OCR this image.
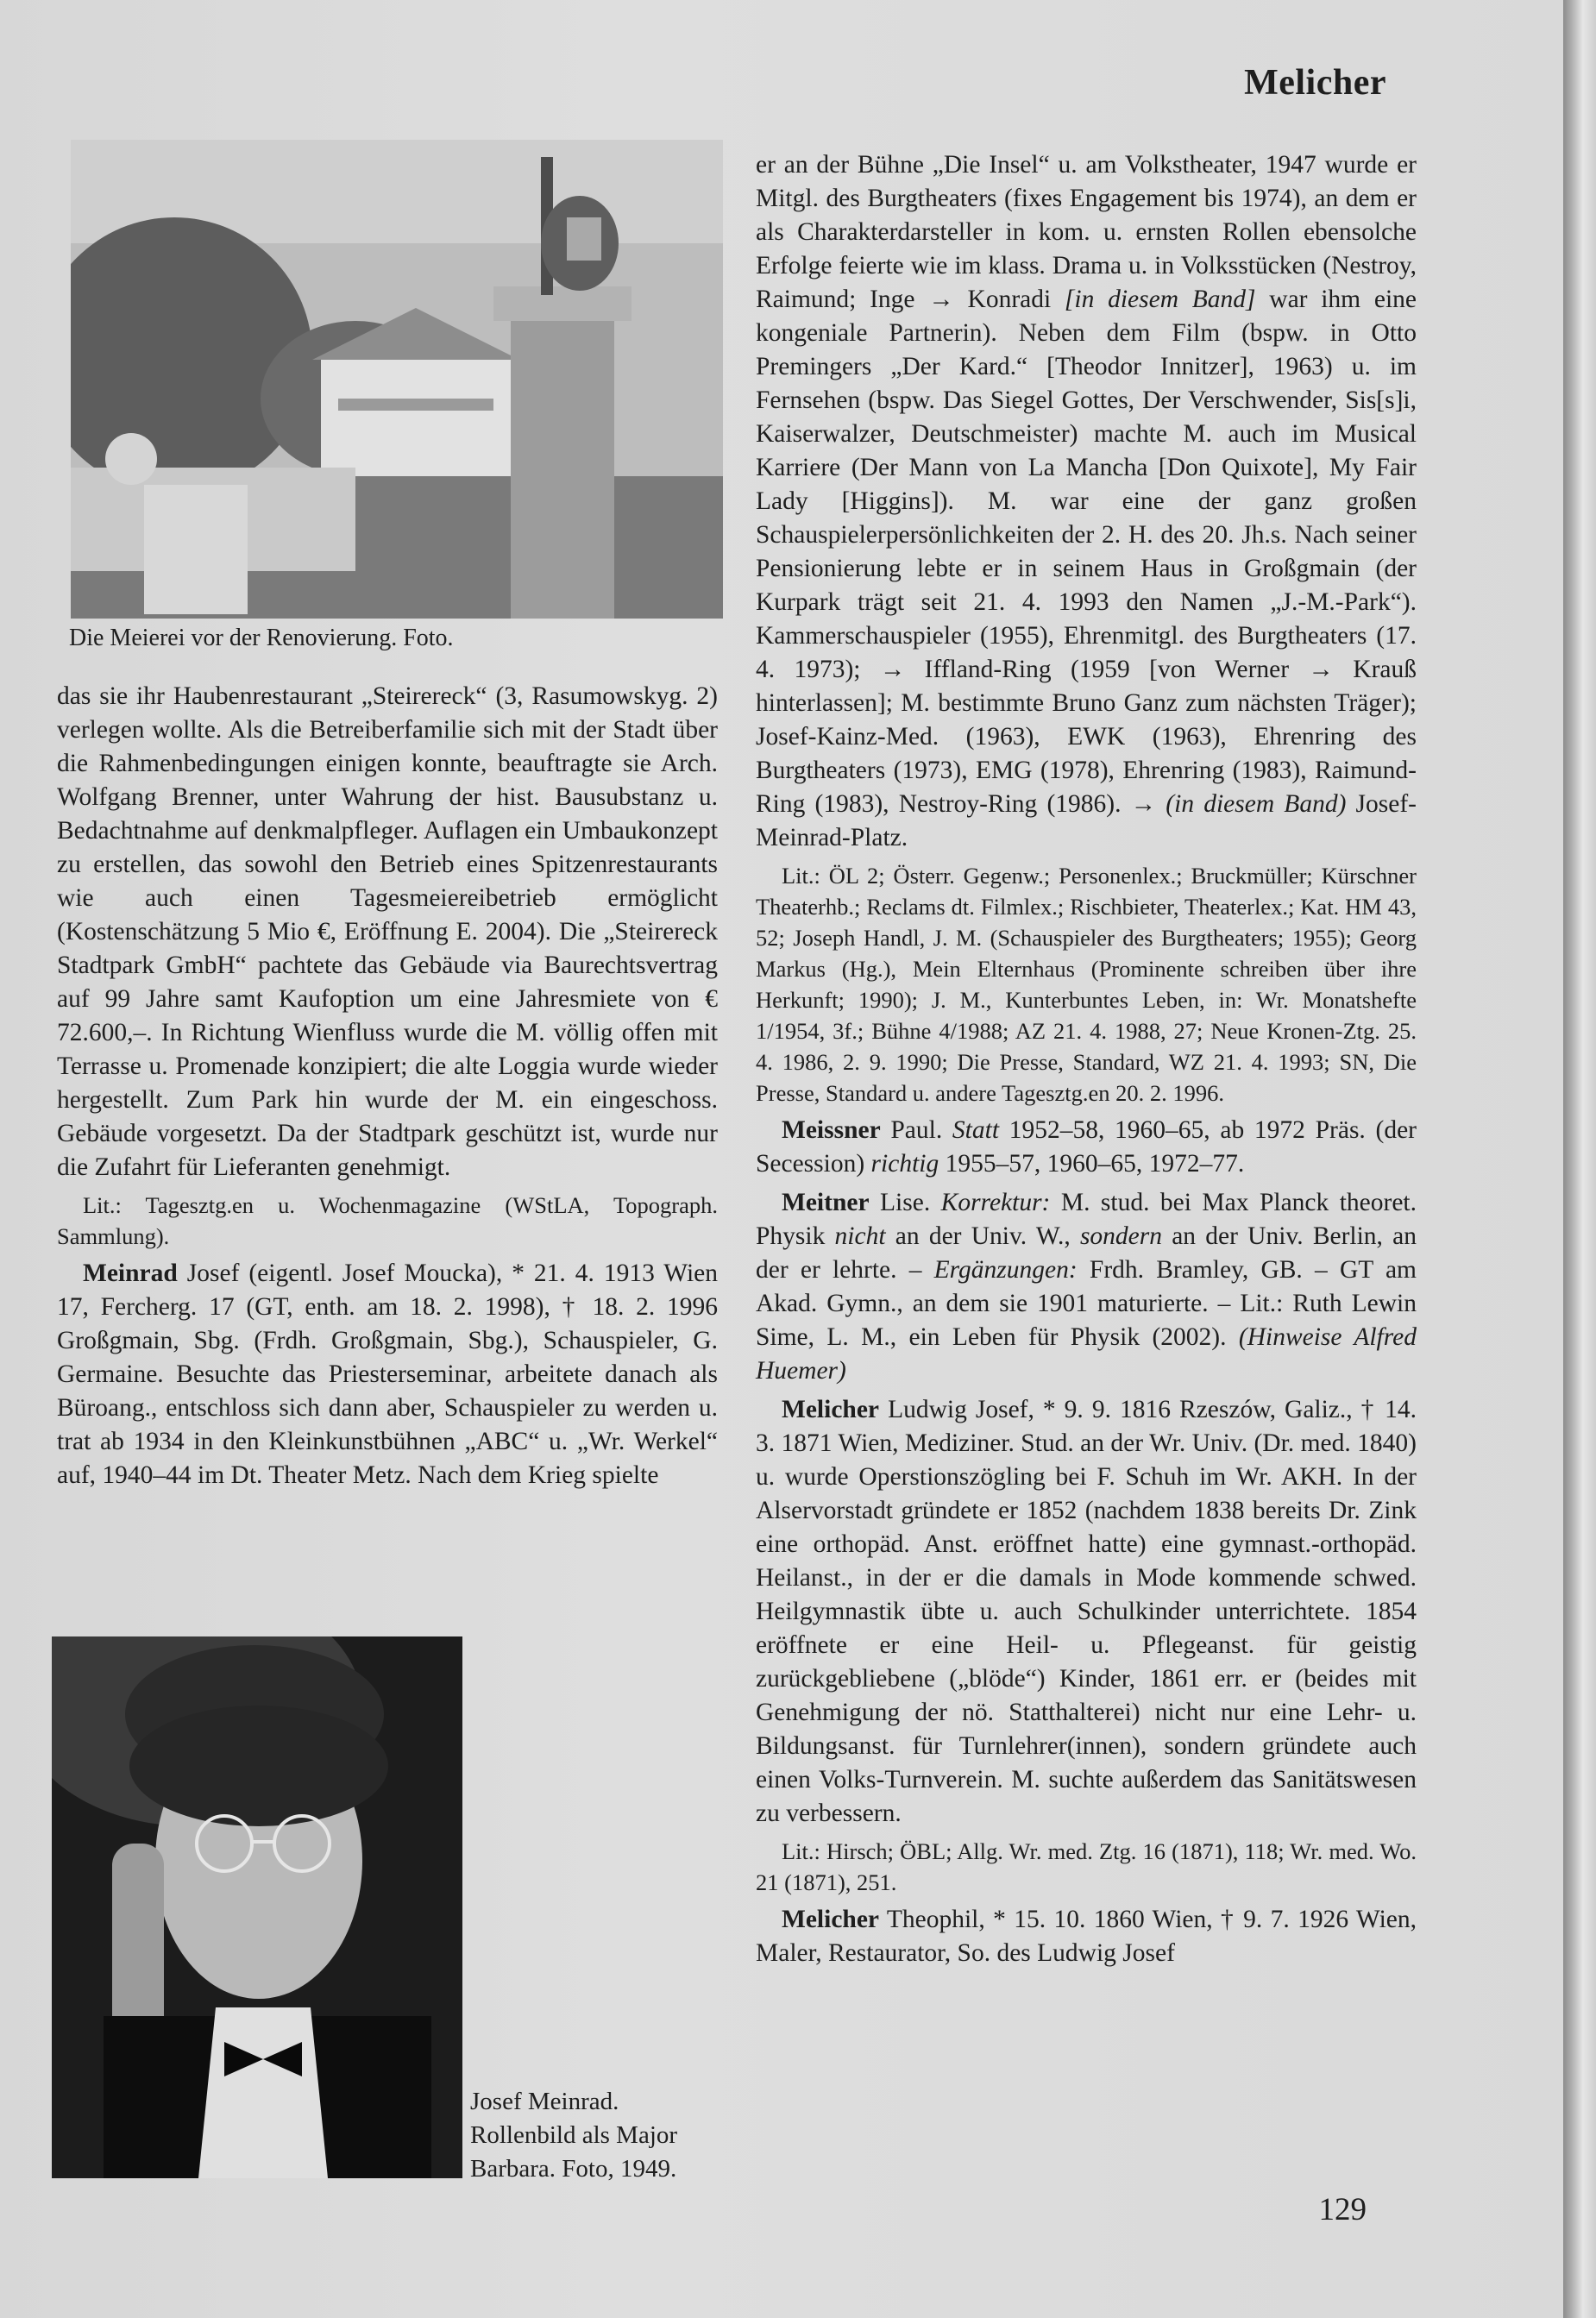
Melicher
Die Meierei vor der Renovierung. Foto.

das sie ihr Haubenrestaurant „Steirereck“ (3, Rasumowskyg. 2) verlegen wollte. Als die Betreiberfamilie sich mit der Stadt über die Rahmenbedingungen einigen konnte, beauftragte sie Arch. Wolfgang Brenner, unter Wahrung der hist. Bausubstanz u. Bedachtnahme auf denkmalpfleger. Auflagen ein Umbaukonzept zu erstellen, das sowohl den Betrieb eines Spitzenrestaurants wie auch einen Tagesmeiereibetrieb ermöglicht (Kostenschätzung 5 Mio €, Eröffnung E. 2004). Die „Steirereck Stadtpark GmbH“ pachtete das Gebäude via Baurechtsvertrag auf 99 Jahre samt Kaufoption um eine Jahresmiete von € 72.600,–. In Richtung Wienfluss wurde die M. völlig offen mit Terrasse u. Promenade konzipiert; die alte Loggia wurde wieder hergestellt. Zum Park hin wurde der M. ein eingeschoss. Gebäude vorgesetzt. Da der Stadtpark geschützt ist, wurde nur die Zufahrt für Lieferanten genehmigt.

Lit.: Tagesztg.en u. Wochenmagazine (WStLA, Topograph. Sammlung).

Meinrad Josef (eigentl. Josef Moucka), * 21. 4. 1913 Wien 17, Fercherg. 17 (GT, enth. am 18. 2. 1998), † 18. 2. 1996 Großgmain, Sbg. (Frdh. Großgmain, Sbg.), Schauspieler, G. Germaine. Besuchte das Priesterseminar, arbeitete danach als Büroang., entschloss sich dann aber, Schauspieler zu werden u. trat ab 1934 in den Kleinkunstbühnen „ABC“ u. „Wr. Werkel“ auf, 1940–44 im Dt. Theater Metz. Nach dem Krieg spielte

Josef Meinrad.
Rollenbild als Major
Barbara. Foto, 1949.

er an der Bühne „Die Insel“ u. am Volkstheater, 1947 wurde er Mitgl. des Burgtheaters (fixes Engagement bis 1974), an dem er als Charakterdarsteller in kom. u. ernsten Rollen ebensolche Erfolge feierte wie im klass. Drama u. in Volksstücken (Nestroy, Raimund; Inge → Konradi [in diesem Band] war ihm eine kongeniale Partnerin). Neben dem Film (bspw. in Otto Premingers „Der Kard.“ [Theodor Innitzer], 1963) u. im Fernsehen (bspw. Das Siegel Gottes, Der Verschwender, Sis[s]i, Kaiserwalzer, Deutschmeister) machte M. auch im Musical Karriere (Der Mann von La Mancha [Don Quixote], My Fair Lady [Higgins]). M. war eine der ganz großen Schauspielerpersönlichkeiten der 2. H. des 20. Jh.s. Nach seiner Pensionierung lebte er in seinem Haus in Großgmain (der Kurpark trägt seit 21. 4. 1993 den Namen „J.-M.-Park“). Kammerschauspieler (1955), Ehrenmitgl. des Burgtheaters (17. 4. 1973); → Iffland-Ring (1959 [von Werner → Krauß hinterlassen]; M. bestimmte Bruno Ganz zum nächsten Träger); Josef-Kainz-Med. (1963), EWK (1963), Ehrenring des Burgtheaters (1973), EMG (1978), Ehrenring (1983), Raimund-Ring (1983), Nestroy-Ring (1986). → (in diesem Band) Josef-Meinrad-Platz.

Lit.: ÖL 2; Österr. Gegenw.; Personenlex.; Bruckmüller; Kürschner Theaterhb.; Reclams dt. Filmlex.; Rischbieter, Theaterlex.; Kat. HM 43, 52; Joseph Handl, J. M. (Schauspieler des Burgtheaters; 1955); Georg Markus (Hg.), Mein Elternhaus (Prominente schreiben über ihre Herkunft; 1990); J. M., Kunterbuntes Leben, in: Wr. Monatshefte 1/1954, 3f.; Bühne 4/1988; AZ 21. 4. 1988, 27; Neue Kronen-Ztg. 25. 4. 1986, 2. 9. 1990; Die Presse, Standard, WZ 21. 4. 1993; SN, Die Presse, Standard u. andere Tagesztg.en 20. 2. 1996.

Meissner Paul. Statt 1952–58, 1960–65, ab 1972 Präs. (der Secession) richtig 1955–57, 1960–65, 1972–77.

Meitner Lise. Korrektur: M. stud. bei Max Planck theoret. Physik nicht an der Univ. W., sondern an der Univ. Berlin, an der er lehrte. – Ergänzungen: Frdh. Bramley, GB. – GT am Akad. Gymn., an dem sie 1901 maturierte. – Lit.: Ruth Lewin Sime, L. M., ein Leben für Physik (2002). (Hinweise Alfred Huemer)

Melicher Ludwig Josef, * 9. 9. 1816 Rzeszów, Galiz., † 14. 3. 1871 Wien, Mediziner. Stud. an der Wr. Univ. (Dr. med. 1840) u. wurde Operstionszögling bei F. Schuh im Wr. AKH. In der Alservorstadt gründete er 1852 (nachdem 1838 bereits Dr. Zink eine orthopäd. Anst. eröffnet hatte) eine gymnast.-orthopäd. Heilanst., in der er die damals in Mode kommende schwed. Heilgymnastik übte u. auch Schulkinder unterrichtete. 1854 eröffnete er eine Heil- u. Pflegeanst. für geistig zurückgebliebene („blöde“) Kinder, 1861 err. er (beides mit Genehmigung der nö. Statthalterei) nicht nur eine Lehr- u. Bildungsanst. für Turnlehrer(innen), sondern gründete auch einen Volks-Turnverein. M. suchte außerdem das Sanitätswesen zu verbessern.

Lit.: Hirsch; ÖBL; Allg. Wr. med. Ztg. 16 (1871), 118; Wr. med. Wo. 21 (1871), 251.

Melicher Theophil, * 15. 10. 1860 Wien, † 9. 7. 1926 Wien, Maler, Restaurator, So. des Ludwig Josef

129
